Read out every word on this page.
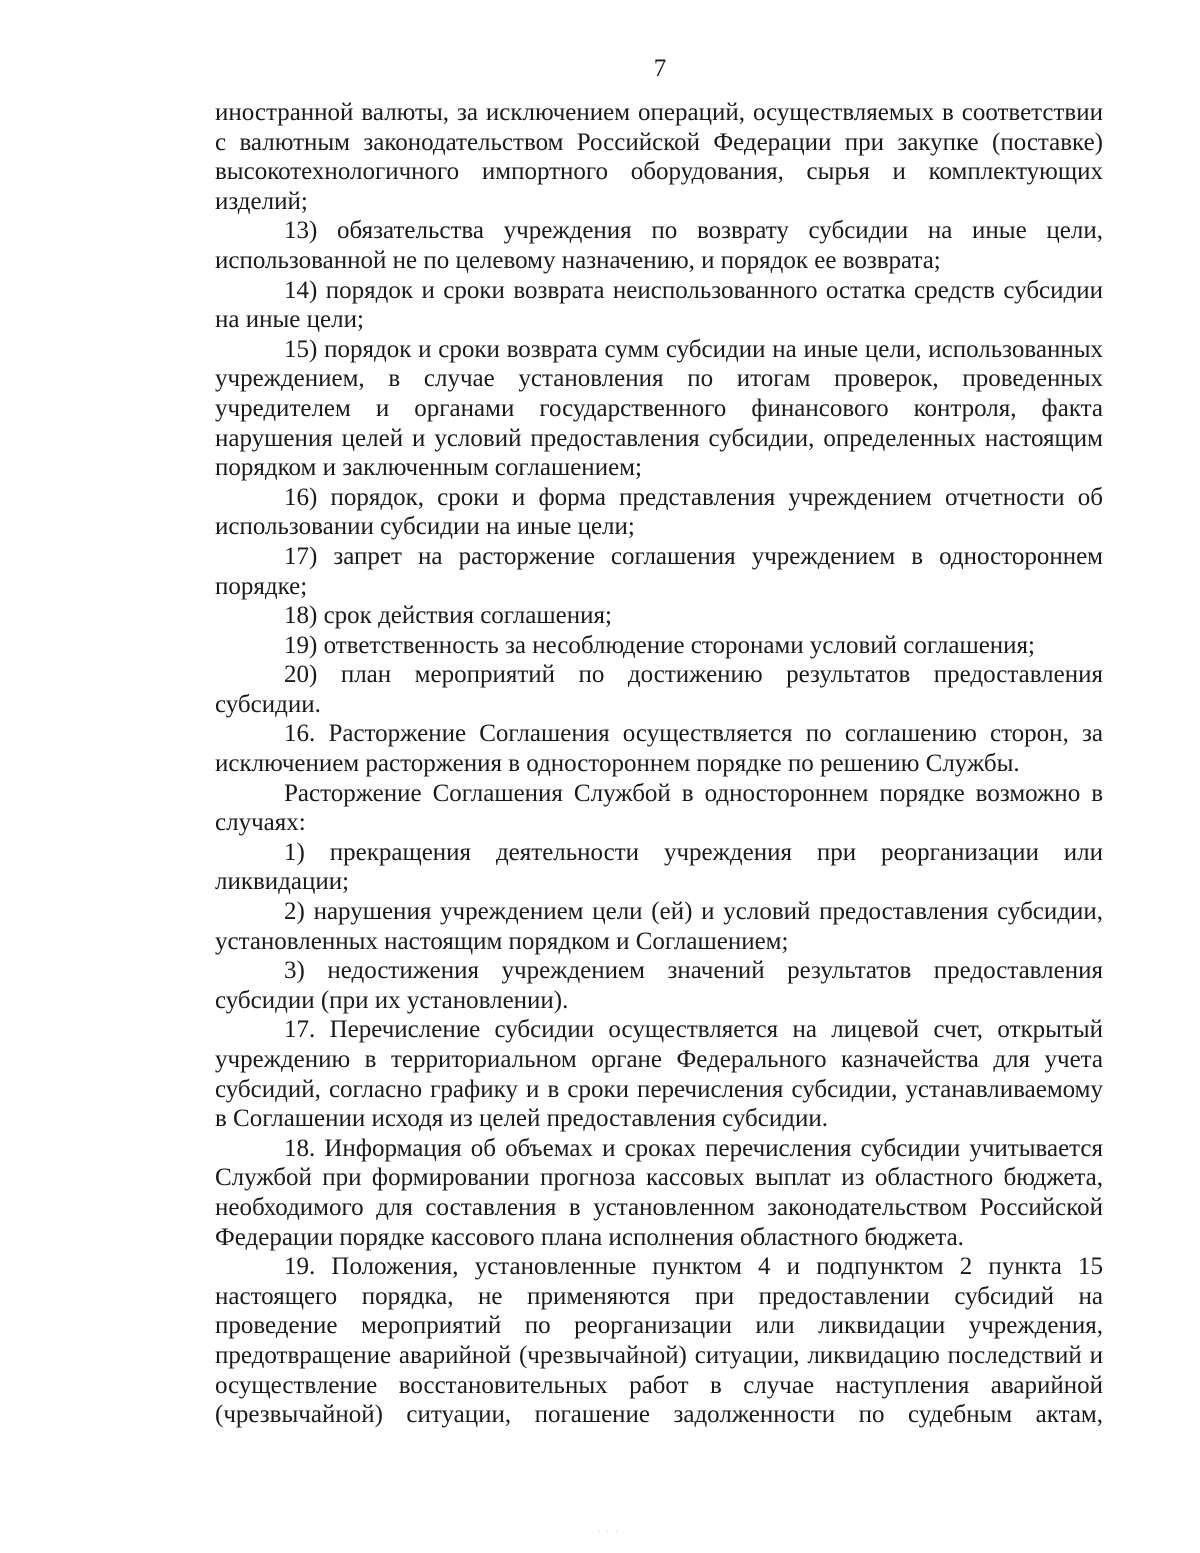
7

иностранной валюты, за исключением операций, осуществляемых в соответствии с валютным законодательством Российской Федерации при закупке (поставке) высокотехнологичного импортного оборудования, сырья и комплектующих изделий;

13) обязательства учреждения по возврату субсидии на иные цели, использованной не по целевому назначению, и порядок ее возврата;

14) порядок и сроки возврата неиспользованного остатка средств субсидии на иные цели;

15) порядок и сроки возврата сумм субсидии на иные цели, использованных учреждением, в случае установления по итогам проверок, проведенных учредителем и органами государственного финансового контроля, факта нарушения целей и условий предоставления субсидии, определенных настоящим порядком и заключенным соглашением;

16) порядок, сроки и форма представления учреждением отчетности об использовании субсидии на иные цели;

17) запрет на расторжение соглашения учреждением в одностороннем порядке;

18) срок действия соглашения;

19) ответственность за несоблюдение сторонами условий соглашения;

20) план мероприятий по достижению результатов предоставления субсидии.

16. Расторжение Соглашения осуществляется по соглашению сторон, за исключением расторжения в одностороннем порядке по решению Службы.

Расторжение Соглашения Службой в одностороннем порядке возможно в случаях:

1) прекращения деятельности учреждения при реорганизации или ликвидации;

2) нарушения учреждением цели (ей) и условий предоставления субсидии, установленных настоящим порядком и Соглашением;

3) недостижения учреждением значений результатов предоставления субсидии (при их установлении).

17. Перечисление субсидии осуществляется на лицевой счет, открытый учреждению в территориальном органе Федерального казначейства для учета субсидий, согласно графику и в сроки перечисления субсидии, устанавливаемому в Соглашении исходя из целей предоставления субсидии.

18. Информация об объемах и сроках перечисления субсидии учитывается Службой при формировании прогноза кассовых выплат из областного бюджета, необходимого для составления в установленном законодательством Российской Федерации порядке кассового плана исполнения областного бюджета.

19. Положения, установленные пунктом 4 и подпунктом 2 пункта 15 настоящего порядка, не применяются при предоставлении субсидий на проведение мероприятий по реорганизации или ликвидации учреждения, предотвращение аварийной (чрезвычайной) ситуации, ликвидацию последствий и осуществление восстановительных работ в случае наступления аварийной (чрезвычайной) ситуации, погашение задолженности по судебным актам,

···
